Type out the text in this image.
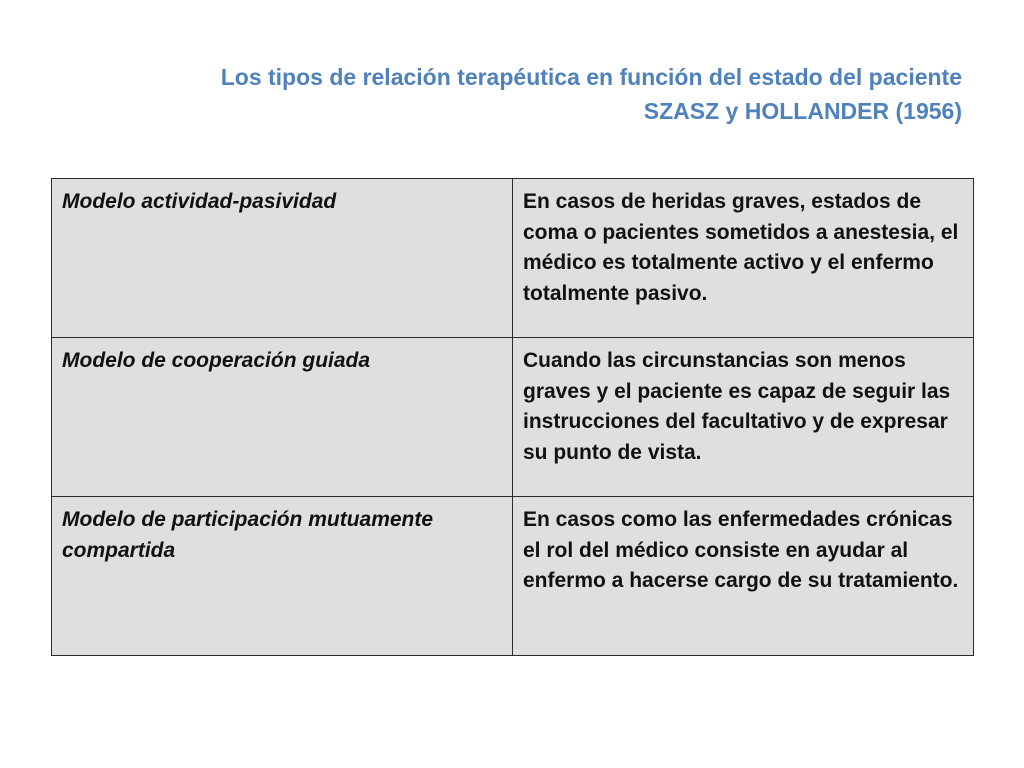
Los tipos de relación terapéutica en función del estado del paciente
SZASZ y HOLLANDER (1956)
Modelo actividad-pasividad	En casos de heridas graves, estados de coma o pacientes sometidos a anestesia, el médico es totalmente activo y el enfermo totalmente pasivo.
Modelo de cooperación guiada	Cuando las circunstancias son menos graves y el paciente es capaz de seguir las instrucciones del facultativo y de expresar su punto de vista.
Modelo de participación mutuamente compartida	En casos como las enfermedades crónicas el rol del médico consiste en ayudar al enfermo a hacerse cargo de su tratamiento.
